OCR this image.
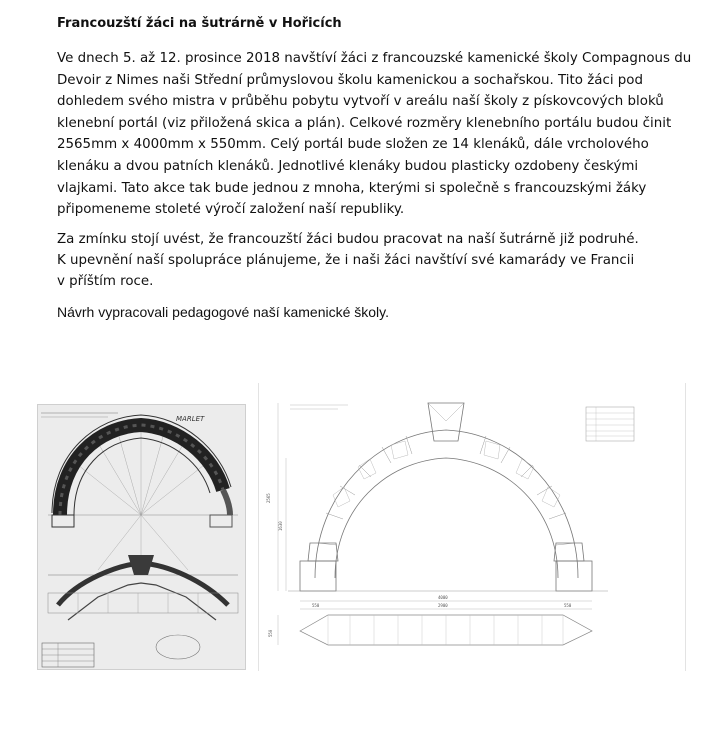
Francouzští žáci na šutrárně v Hořicích

Ve dnech 5. až 12. prosince 2018 navštíví žáci z francouzské kamenické školy Compagnous du
Devoir z Nimes naši Střední průmyslovou školu kamenickou a sochařskou. Tito žáci pod
dohledem svého mistra v průběhu pobytu vytvoří v areálu naší školy z pískovcových bloků
klenební portál (viz přiložená skica a plán). Celkové rozměry klenebního portálu budou činit
2565mm x 4000mm x 550mm. Celý portál bude složen ze 14 klenáků, dále vrcholového
klenáku a dvou patních klenáků. Jednotlivé klenáky budou plasticky ozdobeny českými
vlajkami. Tato akce tak bude jednou z mnoha, kterými si společně s francouzskými žáky
připomeneme stoleté výročí založení naší republiky.

Za zmínku stojí uvést, že francouzští žáci budou pracovat na naší šutrárně již podruhé.
K upevnění naší spolupráce plánujeme, že i naši žáci navštíví své kamarády ve Francii
v příštím roce.

Návrh vypracovali pedagogové naší kamenické školy.

MARLET
2565
1630
4000
2900
550	550
550
